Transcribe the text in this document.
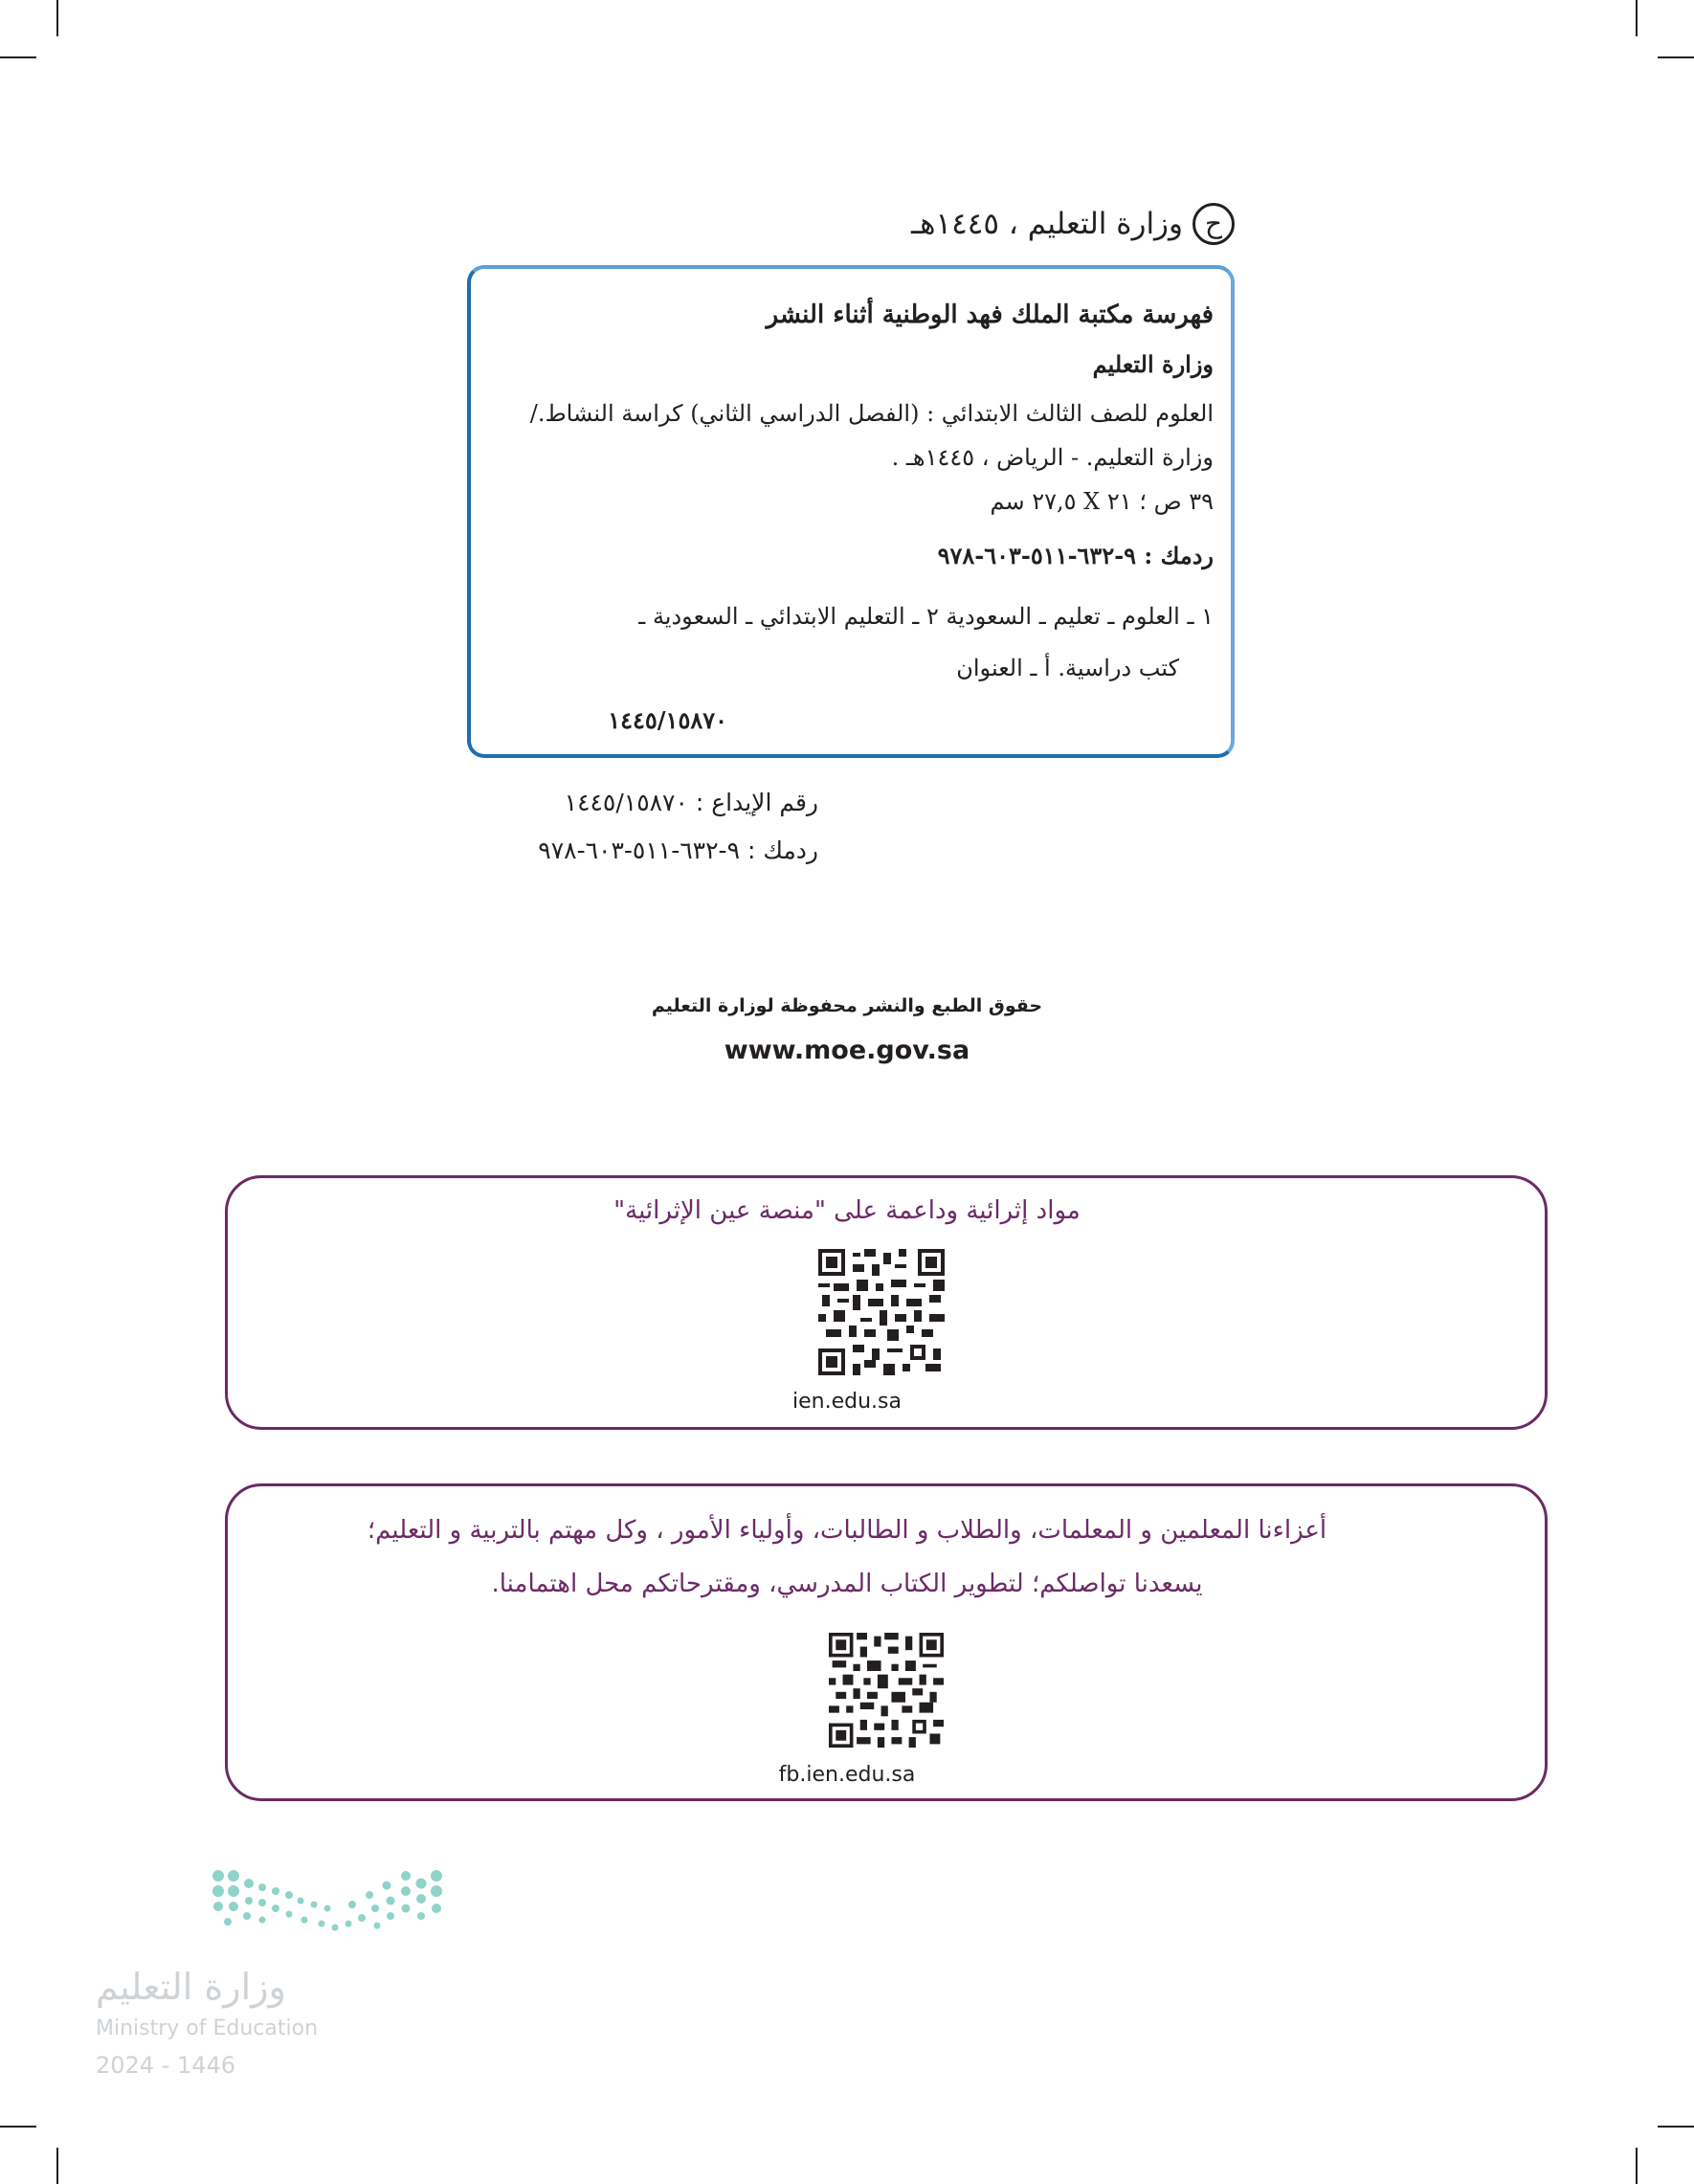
ح
وزارة التعليم ، ١٤٤٥هـ
فهرسة مكتبة الملك فهد الوطنية أثناء النشر
وزارة التعليم
العلوم للصف الثالث الابتدائي : (الفصل الدراسي الثاني) كراسة النشاط./
وزارة التعليم. - الرياض ، ١٤٤٥هـ .
٣٩ ص ؛ ٢١ X ٢٧,٥ سم
ردمك : ٩-٦٣٢-٥١١-٦٠٣-٩٧٨
١ ـ العلوم ـ تعليم ـ السعودية ٢ ـ التعليم الابتدائي ـ السعودية ـ
كتب دراسية. أ ـ العنوان
١٤٤٥/١٥٨٧٠
رقم الإيداع : ١٤٤٥/١٥٨٧٠
ردمك : ٩-٦٣٢-٥١١-٦٠٣-٩٧٨
حقوق الطبع والنشر محفوظة لوزارة التعليم
www.moe.gov.sa
مواد إثرائية وداعمة على "منصة عين الإثرائية"
ien.edu.sa
أعزاءنا المعلمين و المعلمات، والطلاب و الطالبات، وأولياء الأمور ، وكل مهتم بالتربية و التعليم؛
يسعدنا تواصلكم؛ لتطوير الكتاب المدرسي، ومقترحاتكم محل اهتمامنا.
fb.ien.edu.sa
وزارة التعليم
Ministry of Education
2024 - 1446
